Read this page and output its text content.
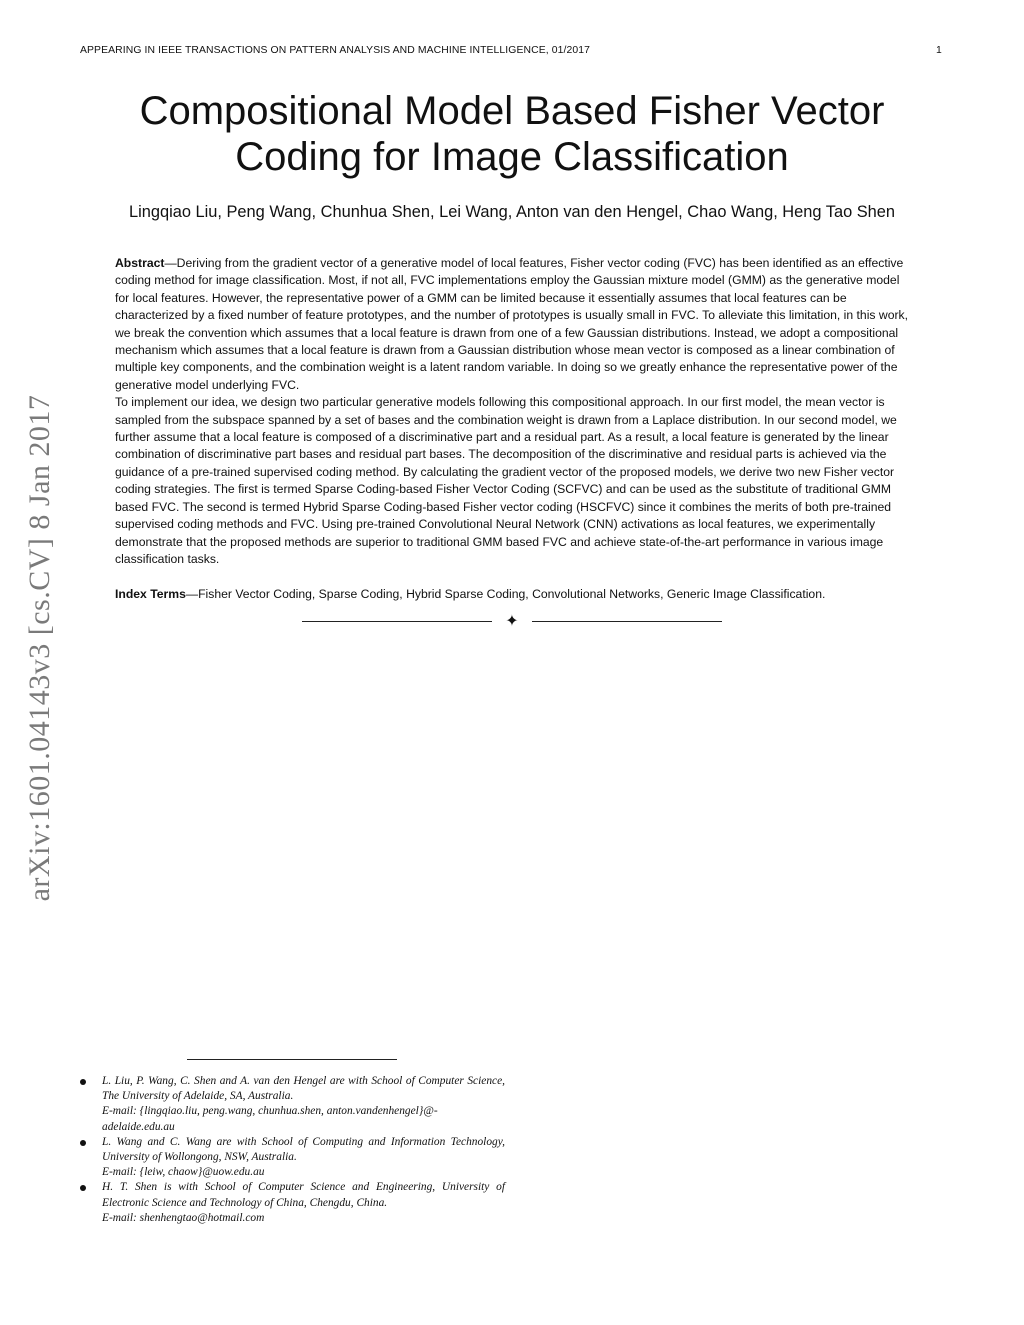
APPEARING IN IEEE TRANSACTIONS ON PATTERN ANALYSIS AND MACHINE INTELLIGENCE, 01/2017	1
Compositional Model Based Fisher Vector
Coding for Image Classification
Lingqiao Liu, Peng Wang, Chunhua Shen, Lei Wang, Anton van den Hengel, Chao Wang, Heng Tao Shen

Abstract—Deriving from the gradient vector of a generative model of local features, Fisher vector coding (FVC) has been identified as an effective coding method for image classification. Most, if not all, FVC implementations employ the Gaussian mixture model (GMM) as the generative model for local features. However, the representative power of a GMM can be limited because it essentially assumes that local features can be characterized by a fixed number of feature prototypes, and the number of prototypes is usually small in FVC. To alleviate this limitation, in this work, we break the convention which assumes that a local feature is drawn from one of a few Gaussian distributions. Instead, we adopt a compositional mechanism which assumes that a local feature is drawn from a Gaussian distribution whose mean vector is composed as a linear combination of multiple key components, and the combination weight is a latent random variable. In doing so we greatly enhance the representative power of the generative model underlying FVC.

To implement our idea, we design two particular generative models following this compositional approach. In our first model, the mean vector is sampled from the subspace spanned by a set of bases and the combination weight is drawn from a Laplace distribution. In our second model, we further assume that a local feature is composed of a discriminative part and a residual part. As a result, a local feature is generated by the linear combination of discriminative part bases and residual part bases. The decomposition of the discriminative and residual parts is achieved via the guidance of a pre-trained supervised coding method. By calculating the gradient vector of the proposed models, we derive two new Fisher vector coding strategies. The first is termed Sparse Coding-based Fisher Vector Coding (SCFVC) and can be used as the substitute of traditional GMM based FVC. The second is termed Hybrid Sparse Coding-based Fisher vector coding (HSCFVC) since it combines the merits of both pre-trained supervised coding methods and FVC. Using pre-trained Convolutional Neural Network (CNN) activations as local features, we experimentally demonstrate that the proposed methods are superior to traditional GMM based FVC and achieve state-of-the-art performance in various image classification tasks.

Index Terms—Fisher Vector Coding, Sparse Coding, Hybrid Sparse Coding, Convolutional Networks, Generic Image Classification.
✦
arXiv:1601.04143v3 [cs.CV] 8 Jan 2017
L. Liu, P. Wang, C. Shen and A. van den Hengel are with School of Computer Science, The University of Adelaide, SA, Australia.
E-mail: {lingqiao.liu, peng.wang, chunhua.shen, anton.vandenhengel}@-adelaide.edu.au
L. Wang and C. Wang are with School of Computing and Information Technology, University of Wollongong, NSW, Australia.
E-mail: {leiw, chaow}@uow.edu.au
H. T. Shen is with School of Computer Science and Engineering, University of Electronic Science and Technology of China, Chengdu, China.
E-mail: shenhengtao@hotmail.com
